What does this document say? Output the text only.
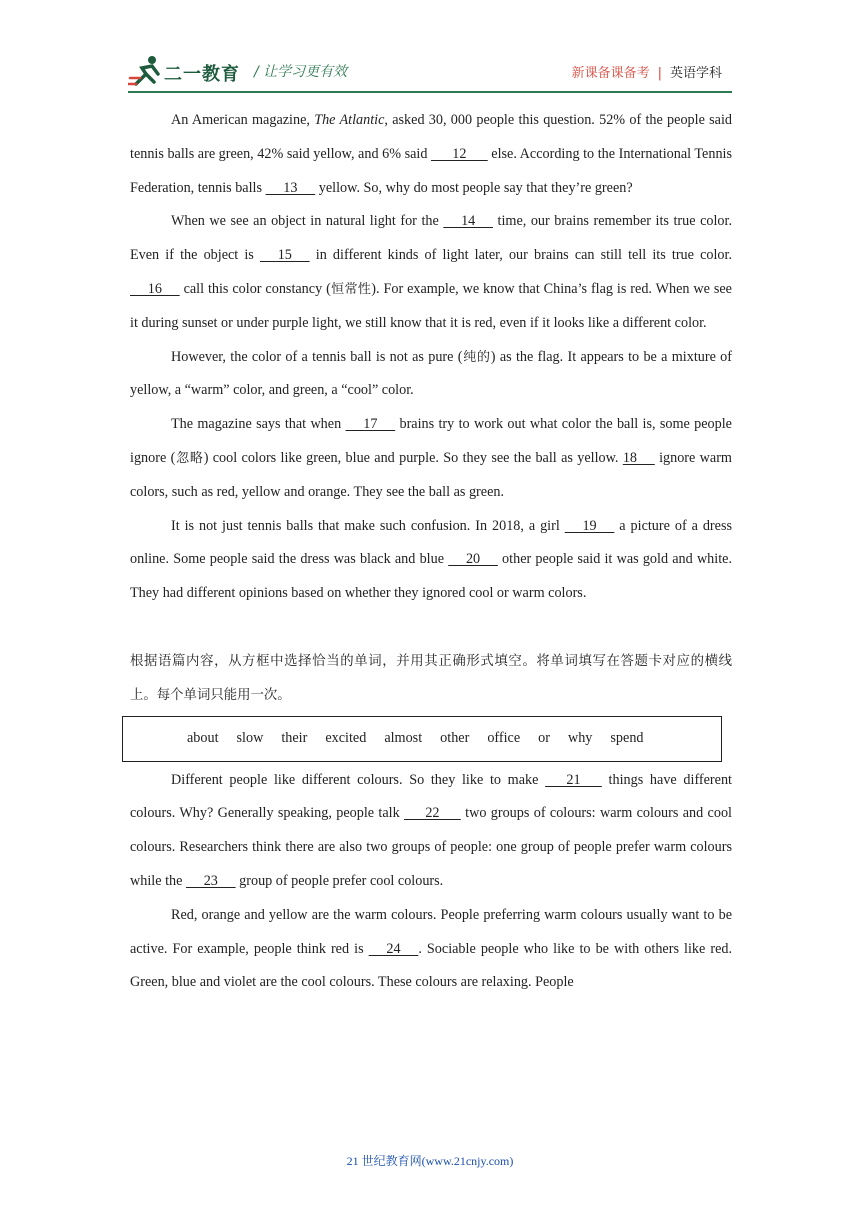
二一教育 / 让学习更有效	新课备课备考 | 英语学科

An American magazine, The Atlantic, asked 30, 000 people this question. 52% of the people said tennis balls are green, 42% said yellow, and 6% said       12       else. According to the International Tennis Federation, tennis balls      13      yellow. So, why do most people say that they’re green?

When we see an object in natural light for the      14      time, our brains remember its true color. Even if the object is      15      in different kinds of light later, our brains can still tell its true color.      16      call this color constancy (恒常性). For example, we know that China’s flag is red. When we see it during sunset or under purple light, we still know that it is red, even if it looks like a different color.

However, the color of a tennis ball is not as pure (纯的) as the flag. It appears to be a mixture of yellow, a “warm” color, and green, a “cool” color.

The magazine says that when      17      brains try to work out what color the ball is, some people ignore (忽略) cool colors like green, blue and purple. So they see the ball as yellow. 18      ignore warm colors, such as red, yellow and orange. They see the ball as green.

It is not just tennis balls that make such confusion. In 2018, a girl      19      a picture of a dress online. Some people said the dress was black and blue      20      other people said it was gold and white. They had different opinions based on whether they ignored cool or warm colors.

根据语篇内容，从方框中选择恰当的单词，并用其正确形式填空。将单词填写在答题卡对应的横线上。每个单词只能用一次。

about slow their excited almost other office or why spend

Different people like different colours. So they like to make       21       things have different colours. Why? Generally speaking, people talk       22       two groups of colours: warm colours and cool colours. Researchers think there are also two groups of people: one group of people prefer warm colours while the      23      group of people prefer cool colours.

Red, orange and yellow are the warm colours. People preferring warm colours usually want to be active. For example, people think red is      24     . Sociable people who like to be with others like red. Green, blue and violet are the cool colours. These colours are relaxing. People

21 世纪教育网(www.21cnjy.com)
